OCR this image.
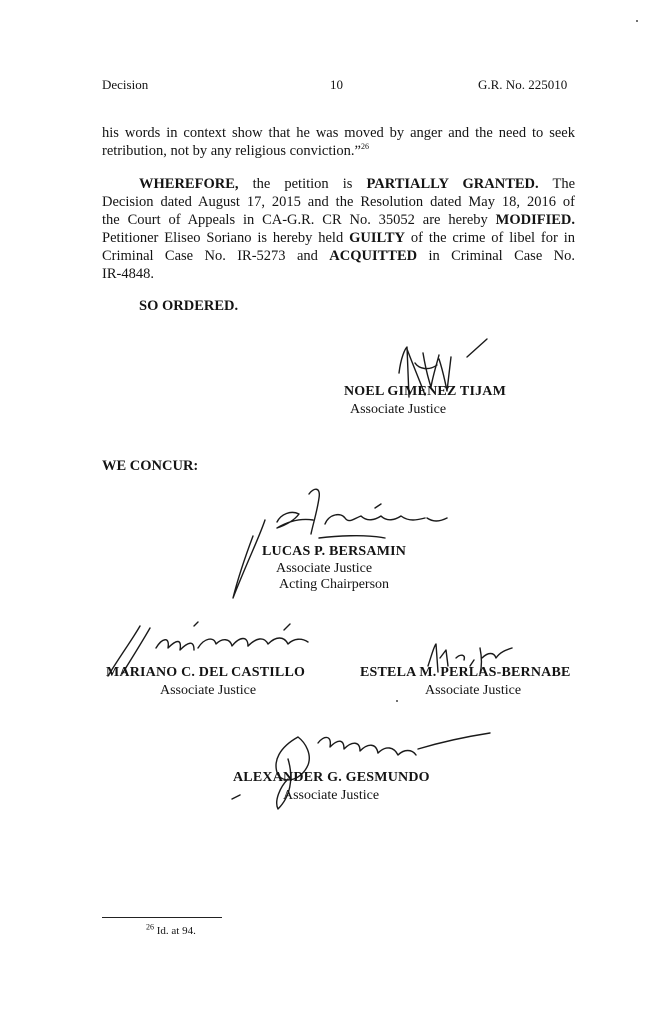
Decision	10	G.R. No. 225010
his words in context show that he was moved by anger and the need to seek
retribution, not by any religious conviction.”$^{26}$
WHEREFORE, the petition is PARTIALLY GRANTED. The
Decision dated August 17, 2015 and the Resolution dated May 18, 2016 of
the Court of Appeals in CA-G.R. CR No. 35052 are hereby MODIFIED.
Petitioner Eliseo Soriano is hereby held GUILTY of the crime of libel for in
Criminal Case No. IR-5273 and ACQUITTED in Criminal Case No.
IR-4848.
SO ORDERED.
NOEL GIMENEZ TIJAM
Associate Justice
WE CONCUR:
LUCAS P. BERSAMIN
Associate Justice
Acting Chairperson
MARIANO C. DEL CASTILLO
Associate Justice
ESTELA M. PERLAS-BERNABE
Associate Justice
ALEXANDER G. GESMUNDO
Associate Justice
$^{26}$ Id. at 94.
